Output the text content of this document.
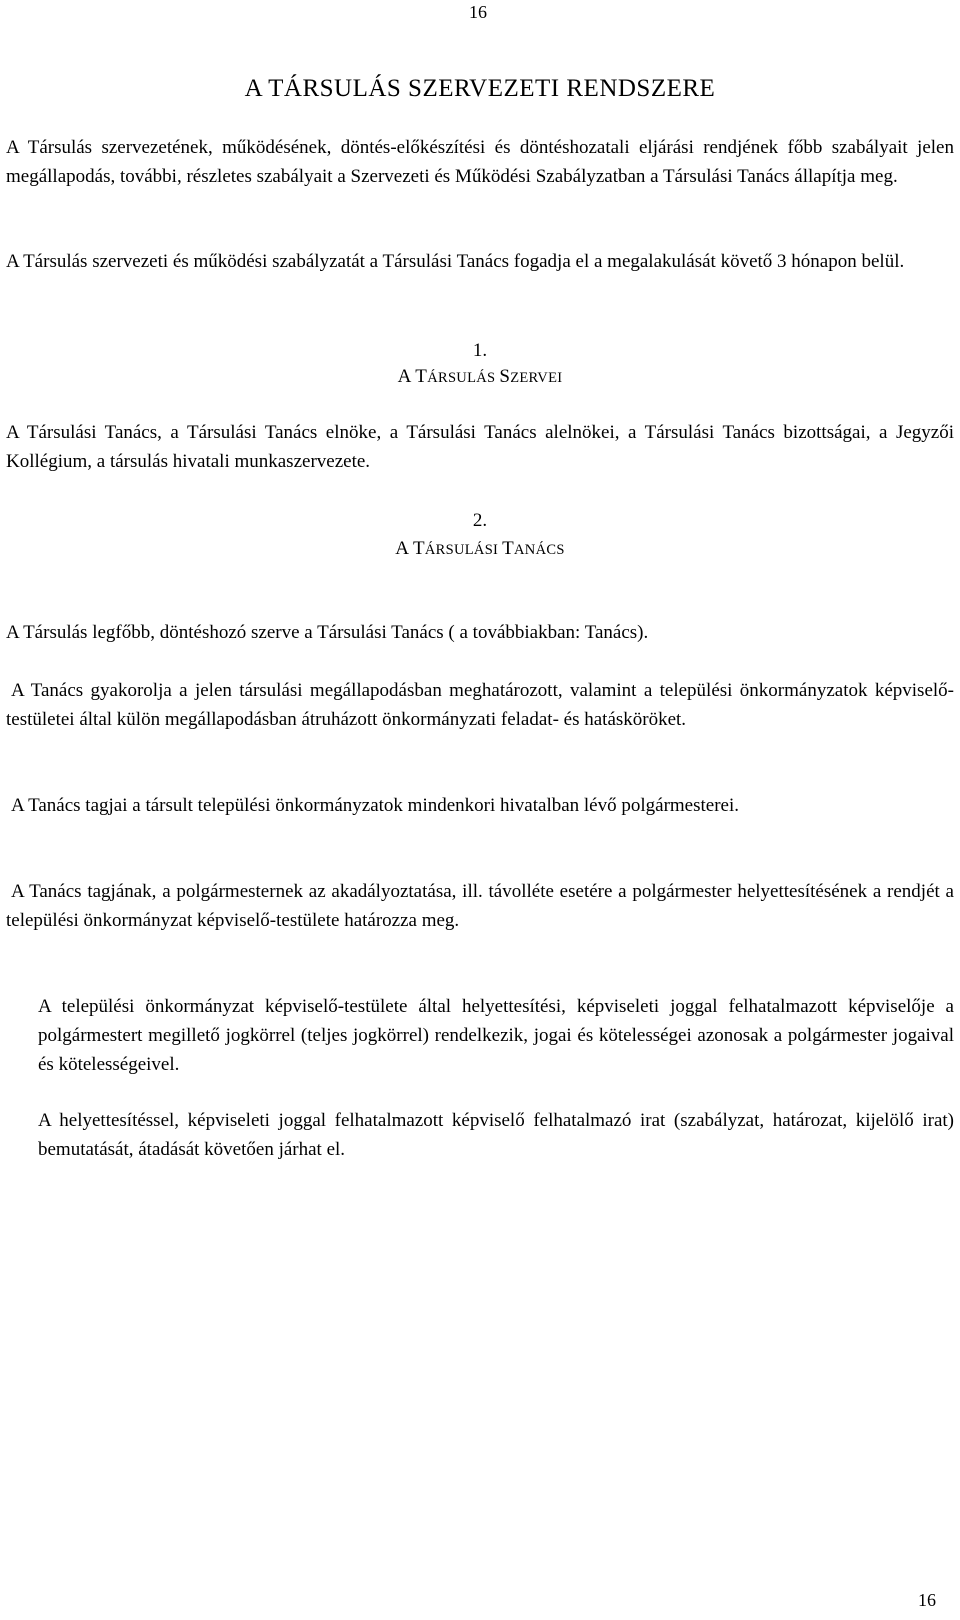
16
A TÁRSULÁS SZERVEZETI RENDSZERE

A Társulás szervezetének, működésének, döntés-előkészítési és döntéshozatali eljárási rendjének főbb szabályait jelen megállapodás, további, részletes szabályait a Szervezeti és Működési Szabályzatban a Társulási Tanács állapítja meg.

A Társulás szervezeti és működési szabályzatát a Társulási Tanács fogadja el a megalakulását követő 3 hónapon belül.

1.
A TÁRSULÁS SZERVEI

A Társulási Tanács, a Társulási Tanács elnöke, a Társulási Tanács alelnökei, a Társulási Tanács bizottságai, a Jegyzői Kollégium, a társulás hivatali munkaszervezete.

2.
A TÁRSULÁSI TANÁCS

A Társulás legfőbb, döntéshozó szerve a Társulási Tanács ( a továbbiakban: Tanács).

A Tanács gyakorolja a jelen társulási megállapodásban meghatározott, valamint a települési önkormányzatok képviselő-testületei által külön megállapodásban átruházott önkormányzati feladat- és hatásköröket.

A Tanács tagjai a társult települési önkormányzatok mindenkori hivatalban lévő polgármesterei.

A Tanács tagjának, a polgármesternek az akadályoztatása, ill. távolléte esetére a polgármester helyettesítésének a rendjét a települési önkormányzat képviselő-testülete határozza meg.

A települési önkormányzat képviselő-testülete által helyettesítési, képviseleti joggal felhatalmazott képviselője a polgármestert megillető jogkörrel (teljes jogkörrel) rendelkezik, jogai és kötelességei azonosak a polgármester jogaival és kötelességeivel.

A helyettesítéssel, képviseleti joggal felhatalmazott képviselő felhatalmazó irat (szabályzat, határozat, kijelölő irat) bemutatását, átadását követően járhat el.

16
